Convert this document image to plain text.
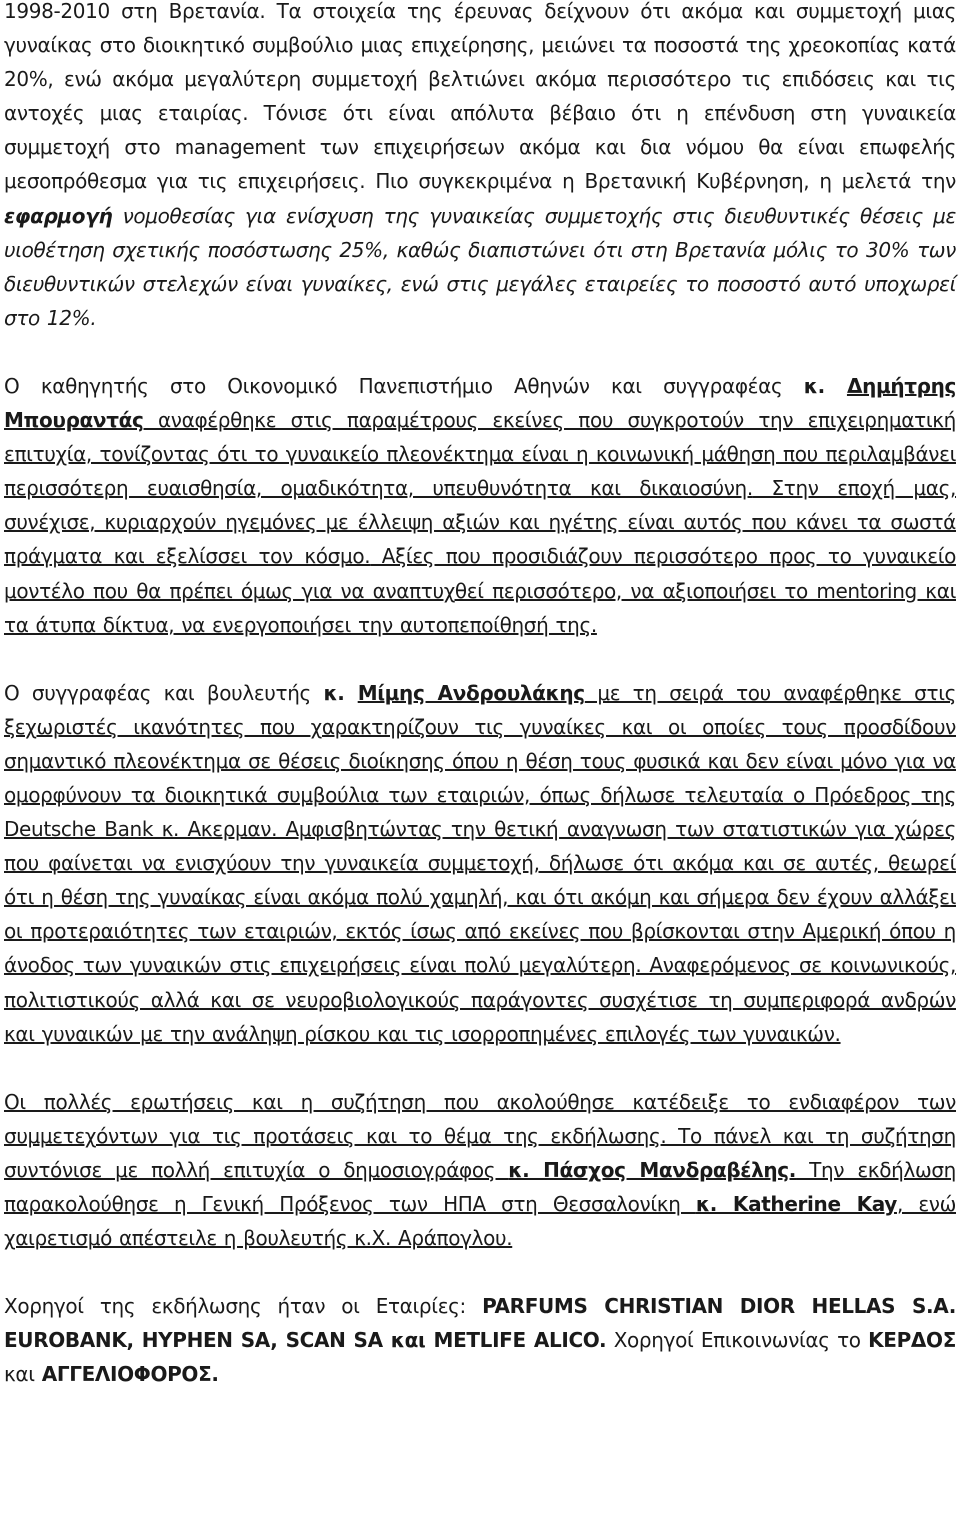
1998-2010 στη Βρετανία. Τα στοιχεία της έρευνας δείχνουν ότι ακόμα και συμμετοχή μιας γυναίκας στο διοικητικό συμβούλιο μιας επιχείρησης, μειώνει τα ποσοστά της χρεοκοπίας κατά 20%, ενώ ακόμα μεγαλύτερη συμμετοχή βελτιώνει ακόμα περισσότερο τις επιδόσεις και τις αντοχές μιας εταιρίας. Τόνισε ότι είναι απόλυτα βέβαιο ότι η επένδυση στη γυναικεία συμμετοχή στο management των επιχειρήσεων ακόμα και δια νόμου θα είναι επωφελής μεσοπρόθεσμα για τις επιχειρήσεις. Πιο συγκεκριμένα η Βρετανική Κυβέρνηση, η μελετά την εφαρμογή νομοθεσίας για ενίσχυση της γυναικείας συμμετοχής στις διευθυντικές θέσεις με υιοθέτηση σχετικής ποσόστωσης 25%, καθώς διαπιστώνει ότι στη Βρετανία μόλις το 30% των διευθυντικών στελεχών είναι γυναίκες, ενώ στις μεγάλες εταιρείες το ποσοστό αυτό υποχωρεί στο 12%.

Ο καθηγητής στο Οικονομικό Πανεπιστήμιο Αθηνών και συγγραφέας κ. Δημήτρης Μπουραντάς αναφέρθηκε στις παραμέτρους εκείνες που συγκροτούν την επιχειρηματική επιτυχία, τονίζοντας ότι το γυναικείο πλεονέκτημα είναι η κοινωνική μάθηση που περιλαμβάνει περισσότερη ευαισθησία, ομαδικότητα, υπευθυνότητα και δικαιοσύνη. Στην εποχή μας, συνέχισε, κυριαρχούν ηγεμόνες με έλλειψη αξιών και ηγέτης είναι αυτός που κάνει τα σωστά πράγματα και εξελίσσει τον κόσμο. Αξίες που προσιδιάζουν περισσότερο προς το γυναικείο μοντέλο που θα πρέπει όμως για να αναπτυχθεί περισσότερο, να αξιοποιήσει το mentoring και τα άτυπα δίκτυα, να ενεργοποιήσει την αυτοπεποίθησή της.

Ο συγγραφέας και βουλευτής κ. Μίμης Ανδρουλάκης με τη σειρά του αναφέρθηκε στις ξεχωριστές ικανότητες που χαρακτηρίζουν τις γυναίκες και οι οποίες τους προσδίδουν σημαντικό πλεονέκτημα σε θέσεις διοίκησης όπου η θέση τους φυσικά και δεν είναι μόνο για να ομορφύνουν τα διοικητικά συμβούλια των εταιριών, όπως δήλωσε τελευταία ο Πρόεδρος της Deutsche Bank κ. Ακερμαν. Αμφισβητώντας την θετική αναγνωση των στατιστικών για χώρες που φαίνεται να ενισχύουν την γυναικεία συμμετοχή, δήλωσε ότι ακόμα και σε αυτές, θεωρεί ότι η θέση της γυναίκας είναι ακόμα πολύ χαμηλή, και ότι ακόμη και σήμερα δεν έχουν αλλάξει οι προτεραιότητες των εταιριών, εκτός ίσως από εκείνες που βρίσκονται στην Αμερική όπου η άνοδος των γυναικών στις επιχειρήσεις είναι πολύ μεγαλύτερη. Αναφερόμενος σε κοινωνικούς, πολιτιστικούς αλλά και σε νευροβιολογικούς παράγοντες συσχέτισε τη συμπεριφορά ανδρών και γυναικών με την ανάληψη ρίσκου και τις ισορροπημένες επιλογές των γυναικών.

Οι πολλές ερωτήσεις και η συζήτηση που ακολούθησε κατέδειξε το ενδιαφέρον των συμμετεχόντων για τις προτάσεις και το θέμα της εκδήλωσης. Το πάνελ και τη συζήτηση συντόνισε με πολλή επιτυχία ο δημοσιογράφος κ. Πάσχος Μανδραβέλης. Την εκδήλωση παρακολούθησε η Γενική Πρόξενος των ΗΠΑ στη Θεσσαλονίκη κ. Katherine Kay, ενώ χαιρετισμό απέστειλε η βουλευτής κ.Χ. Αράπογλου.

Χορηγοί της εκδήλωσης ήταν οι Εταιρίες: PARFUMS CHRISTIAN DIOR HELLAS S.A. EUROBANK, HYPHEN SA, SCAN SA και METLIFE ALICO. Χορηγοί Επικοινωνίας το ΚΕΡΔΟΣ και ΑΓΓΕΛΙΟΦΟΡΟΣ.
